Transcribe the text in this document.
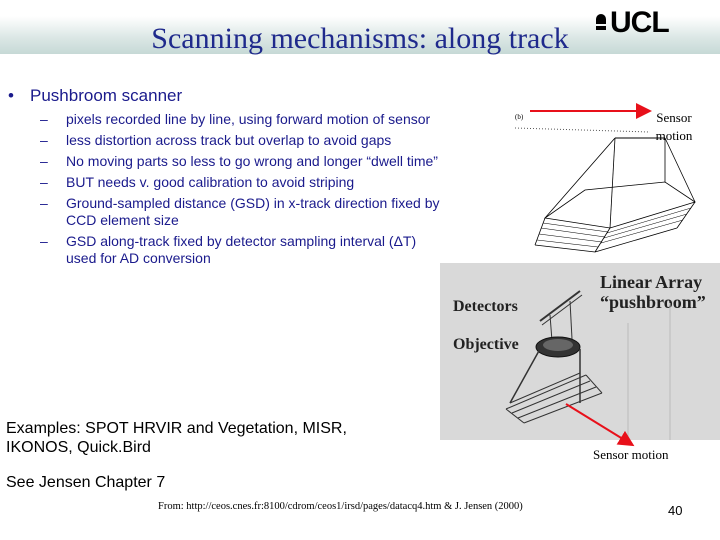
Scanning mechanisms: along track	UCL
• Pushbroom scanner
– pixels recorded line by line, using forward motion of sensor
– less distortion across track but overlap to avoid gaps
– No moving parts so less to go wrong and longer “dwell time”
– BUT needs v. good calibration to avoid striping
– Ground-sampled distance (GSD) in x-track direction fixed by CCD element size
– GSD along-track fixed by detector sampling interval (ΔT) used for AD conversion
(b)	Sensor
motion
Linear Array
“pushbroom”
Detectors
Objective
Sensor motion
Examples: SPOT HRVIR and Vegetation, MISR,
IKONOS, Quick.Bird
See Jensen Chapter 7
From: http://ceos.cnes.fr:8100/cdrom/ceos1/irsd/pages/datacq4.htm & J. Jensen (2000)	40
